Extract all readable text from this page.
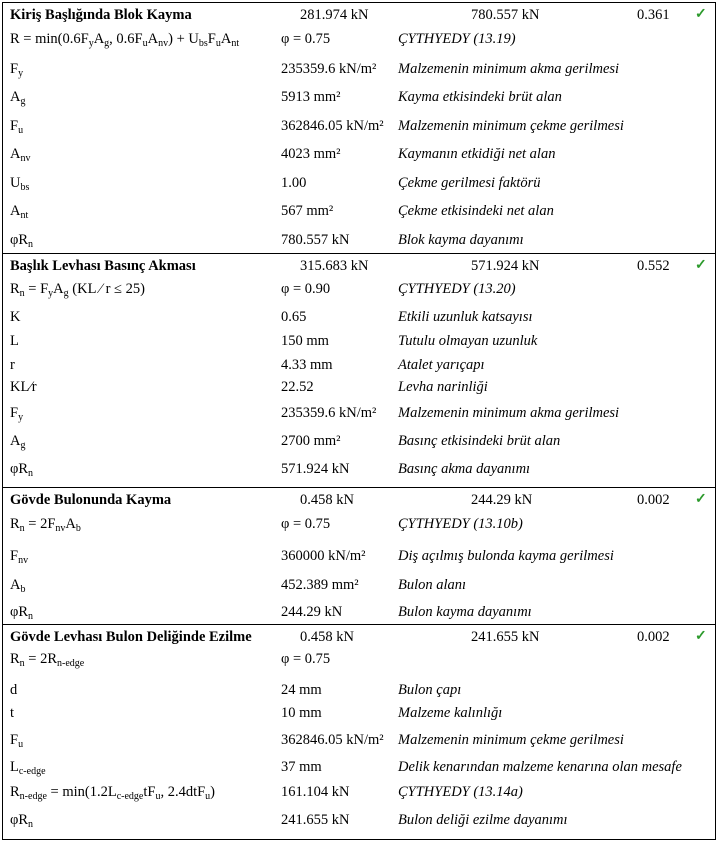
Kiriş Başlığında Blok Kayma	281.974 kN	780.557 kN	0.361 ✓
$R = \min(0.6F_yA_g$, $0.6F_uA_{nv}) + U_{bs}F_uA_{nt}$	φ = 0.75	ÇYTHYEDY (13.19)
$F_y$	235359.6 kN/m² Malzemenin minimum akma gerilmesi
$A_g$	5913 mm²	Kayma etkisindeki brüt alan
$F_u$	362846.05 kN/m² Malzemenin minimum çekme gerilmesi
$A_{nv}$	4023 mm²	Kaymanın etkidiği net alan
$U_{bs}$	1.00	Çekme gerilmesi faktörü
$A_{nt}$	567 mm²	Çekme etkisindeki net alan
$\varphi R_n$	780.557 kN	Blok kayma dayanımı
Başlık Levhası Basınç Akması	315.683 kN	571.924 kN	0.552 ✓
$R_n = F_yA_g$ (KL ⁄ r ≤ 25)	φ = 0.90	ÇYTHYEDY (13.20)
K	0.65	Etkili uzunluk katsayısı
L	150 mm	Tutulu olmayan uzunluk
r	4.33 mm	Atalet yarıçapı
KL⁄r	22.52	Levha narinliği
$F_y$	235359.6 kN/m² Malzemenin minimum akma gerilmesi
$A_g$	2700 mm²	Basınç etkisindeki brüt alan
$\varphi R_n$	571.924 kN	Basınç akma dayanımı
Gövde Bulonunda Kayma	0.458 kN	244.29 kN	0.002 ✓
$R_n = 2F_{nv}A_b$	φ = 0.75	ÇYTHYEDY (13.10b)
$F_{nv}$	360000 kN/m² Diş açılmış bulonda kayma gerilmesi
$A_b$	452.389 mm²	Bulon alanı
$\varphi R_n$	244.29 kN	Bulon kayma dayanımı
Gövde Levhası Bulon Deliğinde Ezilme	0.458 kN	241.655 kN	0.002 ✓
$R_n = 2R_{n-edge}$	φ = 0.75
d	24 mm	Bulon çapı
t	10 mm	Malzeme kalınlığı
$F_u$	362846.05 kN/m² Malzemenin minimum çekme gerilmesi
$L_{c-edge}$	37 mm	Delik kenarından malzeme kenarına olan mesafe
$R_{n-edge} = \min(1.2L_{c-edge}tF_u$, 2.4dtF$_u$)	161.104 kN	ÇYTHYEDY (13.14a)
$\varphi R_n$	241.655 kN	Bulon deliği ezilme dayanımı
